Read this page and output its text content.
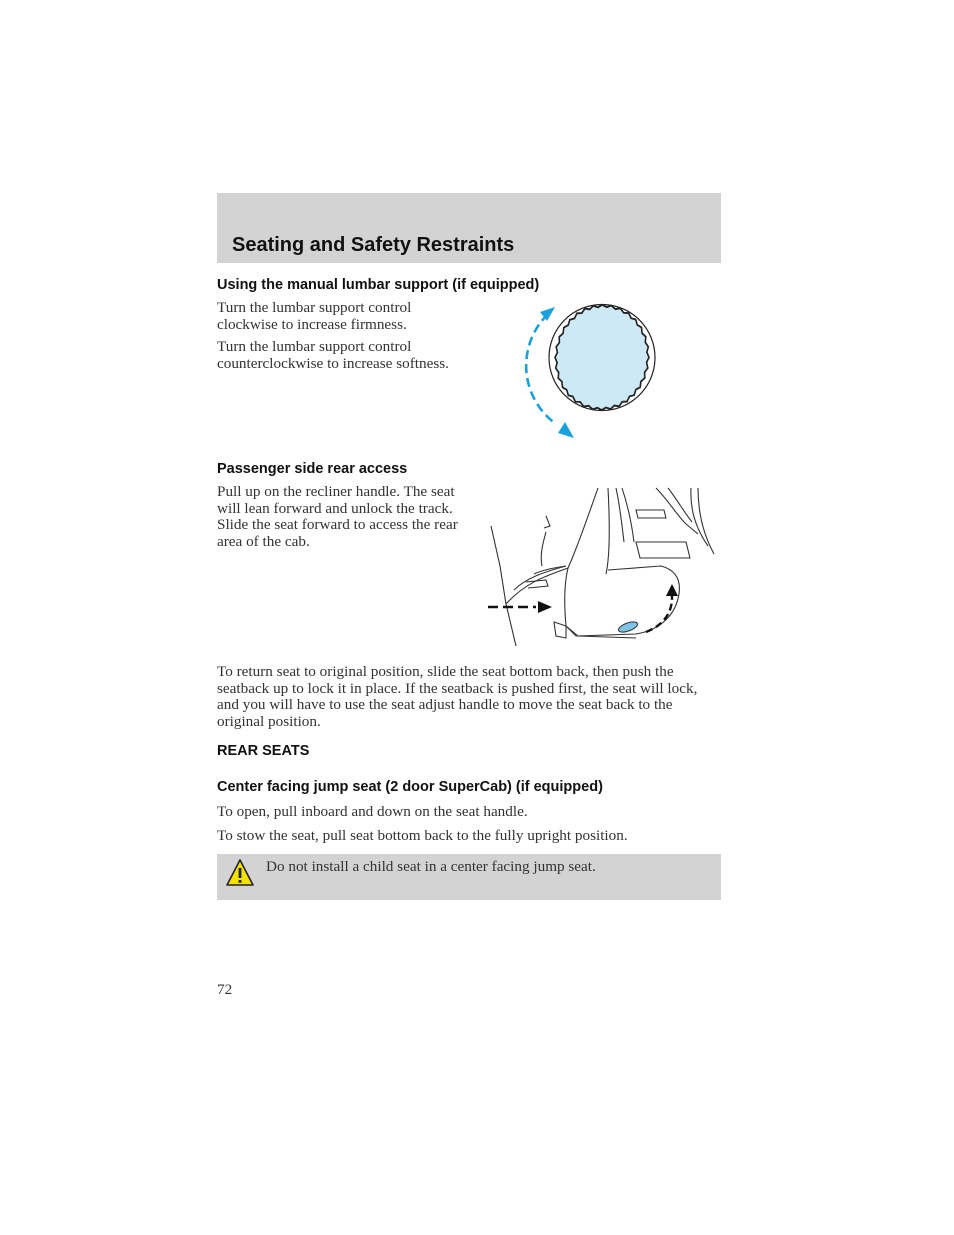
Seating and Safety Restraints
Using the manual lumbar support (if equipped)

Turn the lumbar support control clockwise to increase firmness.

Turn the lumbar support control counterclockwise to increase softness.

Passenger side rear access

Pull up on the recliner handle. The seat will lean forward and unlock the track. Slide the seat forward to access the rear area of the cab.

To return seat to original position, slide the seat bottom back, then push the seatback up to lock it in place. If the seatback is pushed first, the seat will lock, and you will have to use the seat adjust handle to move the seat back to the original position.

REAR SEATS
Center facing jump seat (2 door SuperCab) (if equipped)

To open, pull inboard and down on the seat handle.

To stow the seat, pull seat bottom back to the fully upright position.

Do not install a child seat in a center facing jump seat.
72
